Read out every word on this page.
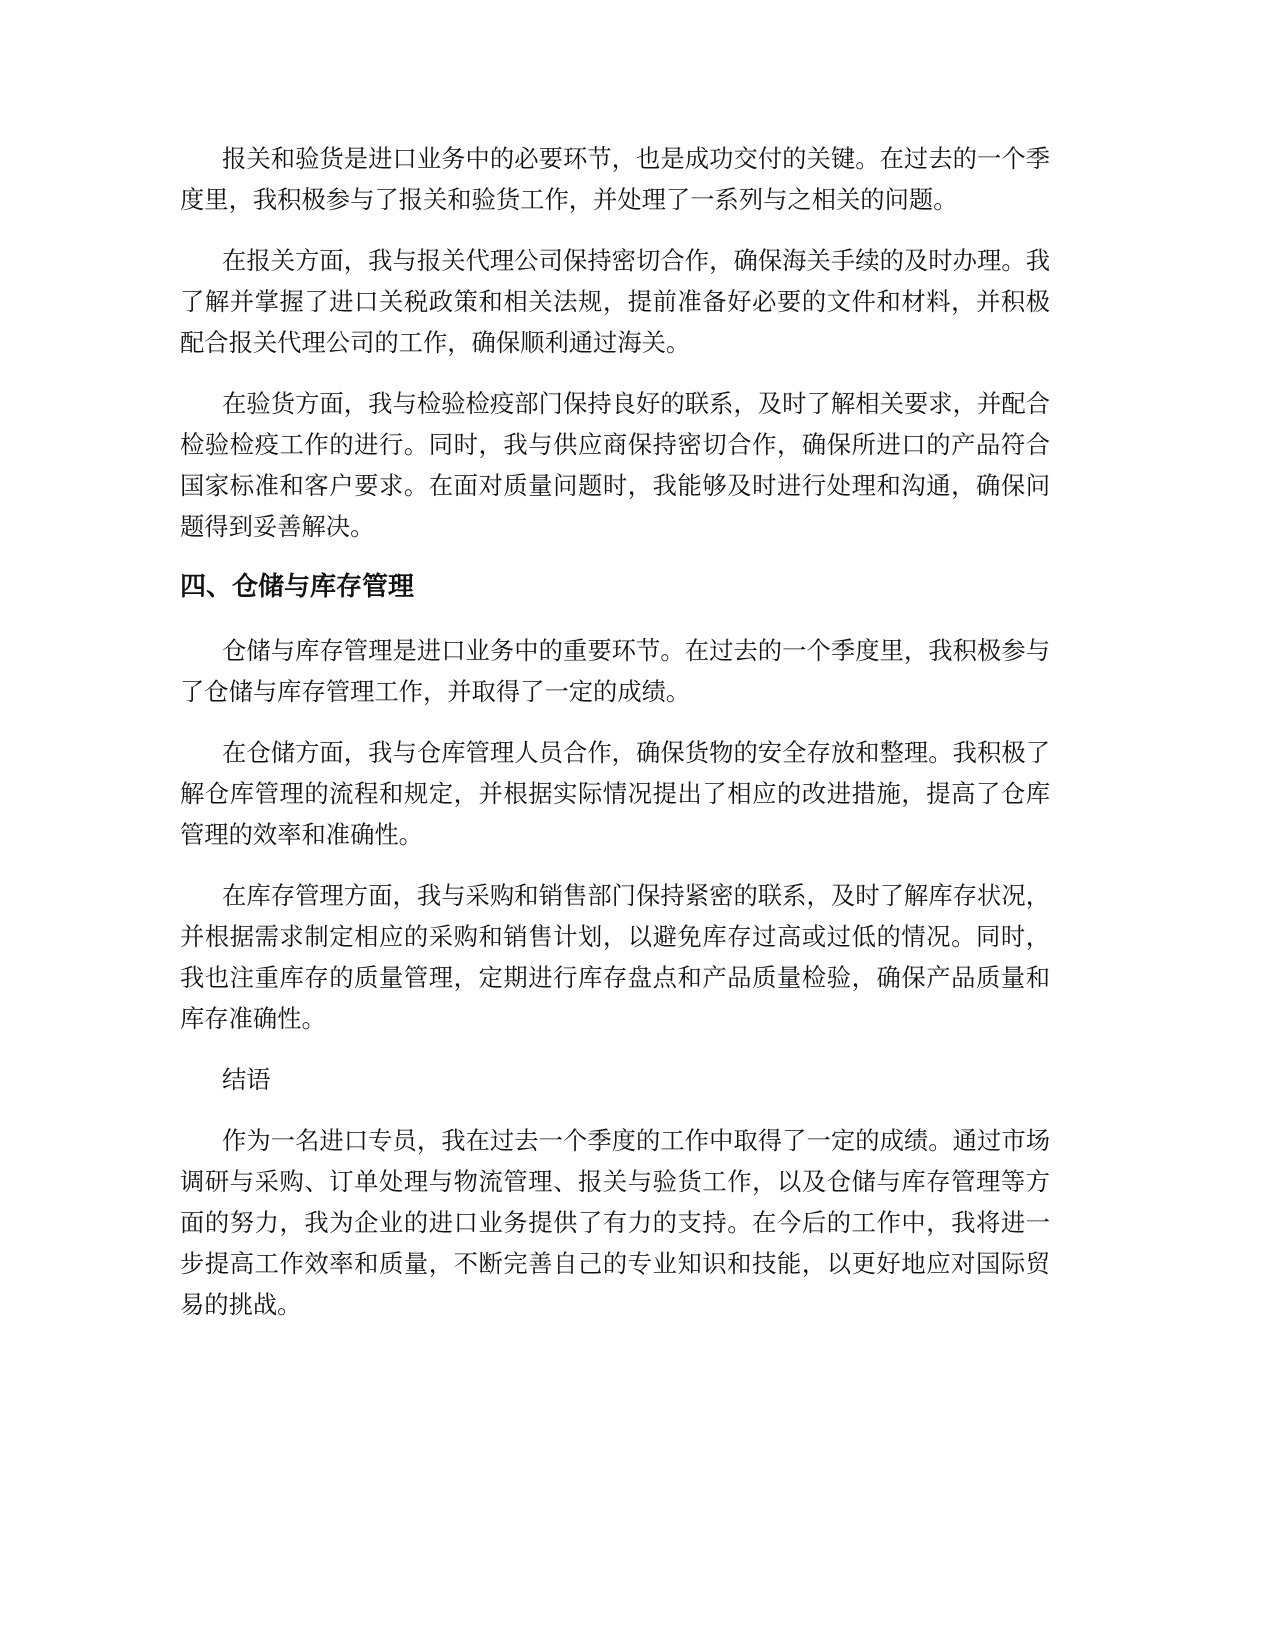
报关和验货是进口业务中的必要环节，也是成功交付的关键。在过去的一个季度里，我积极参与了报关和验货工作，并处理了一系列与之相关的问题。

在报关方面，我与报关代理公司保持密切合作，确保海关手续的及时办理。我了解并掌握了进口关税政策和相关法规，提前准备好必要的文件和材料，并积极配合报关代理公司的工作，确保顺利通过海关。

在验货方面，我与检验检疫部门保持良好的联系，及时了解相关要求，并配合检验检疫工作的进行。同时，我与供应商保持密切合作，确保所进口的产品符合国家标准和客户要求。在面对质量问题时，我能够及时进行处理和沟通，确保问题得到妥善解决。

四、仓储与库存管理

仓储与库存管理是进口业务中的重要环节。在过去的一个季度里，我积极参与了仓储与库存管理工作，并取得了一定的成绩。

在仓储方面，我与仓库管理人员合作，确保货物的安全存放和整理。我积极了解仓库管理的流程和规定，并根据实际情况提出了相应的改进措施，提高了仓库管理的效率和准确性。

在库存管理方面，我与采购和销售部门保持紧密的联系，及时了解库存状况，并根据需求制定相应的采购和销售计划，以避免库存过高或过低的情况。同时，我也注重库存的质量管理，定期进行库存盘点和产品质量检验，确保产品质量和库存准确性。

结语

作为一名进口专员，我在过去一个季度的工作中取得了一定的成绩。通过市场调研与采购、订单处理与物流管理、报关与验货工作，以及仓储与库存管理等方面的努力，我为企业的进口业务提供了有力的支持。在今后的工作中，我将进一步提高工作效率和质量，不断完善自己的专业知识和技能，以更好地应对国际贸易的挑战。
